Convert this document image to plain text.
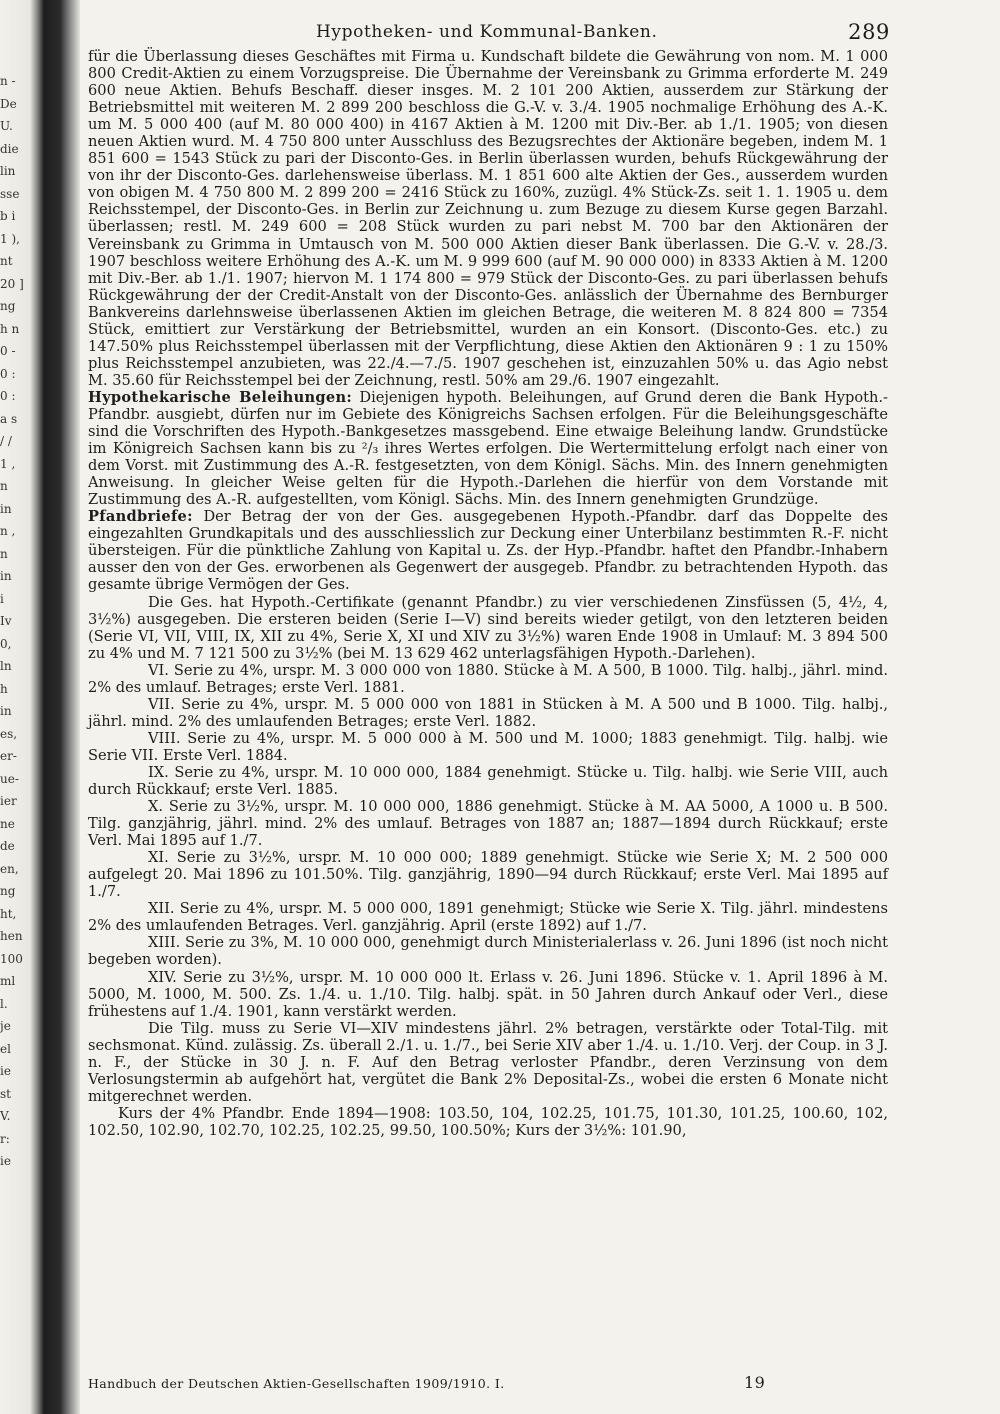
n -
De
U.
die
lin
sse
b i
1 ),
nt
20 ]
ng
h n
0 -
0 :
0 :
a s
/ /
1 ,
n
in
n ,
n
in
i
Iv
0,
ln
h
in
es,
er-
ue-
ier
ne
de
en,
ng
ht,
hen
100
ml
l.
je
el
ie
st
V.
r:
ie
Hypotheken- und Kommunal-Banken.	289

für die Überlassung dieses Geschäftes mit Firma u. Kundschaft bildete die Gewährung von nom. M. 1 000 800 Credit-Aktien zu einem Vorzugspreise. Die Übernahme der Vereinsbank zu Grimma erforderte M. 249 600 neue Aktien. Behufs Beschaff. dieser insges. M. 2 101 200 Aktien, ausserdem zur Stärkung der Betriebsmittel mit weiteren M. 2 899 200 beschloss die G.-V. v. 3./4. 1905 nochmalige Erhöhung des A.-K. um M. 5 000 400 (auf M. 80 000 400) in 4167 Aktien à M. 1200 mit Div.-Ber. ab 1./1. 1905; von diesen neuen Aktien wurd. M. 4 750 800 unter Ausschluss des Bezugsrechtes der Aktionäre begeben, indem M. 1 851 600 = 1543 Stück zu pari der Disconto-Ges. in Berlin überlassen wurden, behufs Rückgewährung der von ihr der Disconto-Ges. darlehensweise überlass. M. 1 851 600 alte Aktien der Ges., ausserdem wurden von obigen M. 4 750 800 M. 2 899 200 = 2416 Stück zu 160%, zuzügl. 4% Stück-Zs. seit 1. 1. 1905 u. dem Reichsstempel, der Disconto-Ges. in Berlin zur Zeichnung u. zum Bezuge zu diesem Kurse gegen Barzahl. überlassen; restl. M. 249 600 = 208 Stück wurden zu pari nebst M. 700 bar den Aktionären der Vereinsbank zu Grimma in Umtausch von M. 500 000 Aktien dieser Bank überlassen. Die G.-V. v. 28./3. 1907 beschloss weitere Erhöhung des A.-K. um M. 9 999 600 (auf M. 90 000 000) in 8333 Aktien à M. 1200 mit Div.-Ber. ab 1./1. 1907; hiervon M. 1 174 800 = 979 Stück der Disconto-Ges. zu pari überlassen behufs Rückgewährung der der Credit-Anstalt von der Disconto-Ges. anlässlich der Übernahme des Bernburger Bankvereins darlehnsweise überlassenen Aktien im gleichen Betrage, die weiteren M. 8 824 800 = 7354 Stück, emittiert zur Verstärkung der Betriebsmittel, wurden an ein Konsort. (Disconto-Ges. etc.) zu 147.50% plus Reichsstempel überlassen mit der Verpflichtung, diese Aktien den Aktionären 9 : 1 zu 150% plus Reichsstempel anzubieten, was 22./4.—7./5. 1907 geschehen ist, einzuzahlen 50% u. das Agio nebst M. 35.60 für Reichsstempel bei der Zeichnung, restl. 50% am 29./6. 1907 eingezahlt.

Hypothekarische Beleihungen: Diejenigen hypoth. Beleihungen, auf Grund deren die Bank Hypoth.-Pfandbr. ausgiebt, dürfen nur im Gebiete des Königreichs Sachsen erfolgen. Für die Beleihungsgeschäfte sind die Vorschriften des Hypoth.-Bankgesetzes massgebend. Eine etwaige Beleihung landw. Grundstücke im Königreich Sachsen kann bis zu ²/₃ ihres Wertes erfolgen. Die Wertermittelung erfolgt nach einer von dem Vorst. mit Zustimmung des A.-R. festgesetzten, von dem Königl. Sächs. Min. des Innern genehmigten Anweisung. In gleicher Weise gelten für die Hypoth.-Darlehen die hierfür von dem Vorstande mit Zustimmung des A.-R. aufgestellten, vom Königl. Sächs. Min. des Innern genehmigten Grundzüge.

Pfandbriefe: Der Betrag der von der Ges. ausgegebenen Hypoth.-Pfandbr. darf das Doppelte des eingezahlten Grundkapitals und des ausschliesslich zur Deckung einer Unterbilanz bestimmten R.-F. nicht übersteigen. Für die pünktliche Zahlung von Kapital u. Zs. der Hyp.-Pfandbr. haftet den Pfandbr.-Inhabern ausser den von der Ges. erworbenen als Gegenwert der ausgegeb. Pfandbr. zu betrachtenden Hypoth. das gesamte übrige Vermögen der Ges.

Die Ges. hat Hypoth.-Certifikate (genannt Pfandbr.) zu vier verschiedenen Zinsfüssen (5, 4½, 4, 3½%) ausgegeben. Die ersteren beiden (Serie I—V) sind bereits wieder getilgt, von den letzteren beiden (Serie VI, VII, VIII, IX, XII zu 4%, Serie X, XI und XIV zu 3½%) waren Ende 1908 in Umlauf: M. 3 894 500 zu 4% und M. 7 121 500 zu 3½% (bei M. 13 629 462 unterlagsfähigen Hypoth.-Darlehen).

VI. Serie zu 4%, urspr. M. 3 000 000 von 1880. Stücke à M. A 500, B 1000. Tilg. halbj., jährl. mind. 2% des umlauf. Betrages; erste Verl. 1881.

VII. Serie zu 4%, urspr. M. 5 000 000 von 1881 in Stücken à M. A 500 und B 1000. Tilg. halbj., jährl. mind. 2% des umlaufenden Betrages; erste Verl. 1882.

VIII. Serie zu 4%, urspr. M. 5 000 000 à M. 500 und M. 1000; 1883 genehmigt. Tilg. halbj. wie Serie VII. Erste Verl. 1884.

IX. Serie zu 4%, urspr. M. 10 000 000, 1884 genehmigt. Stücke u. Tilg. halbj. wie Serie VIII, auch durch Rückkauf; erste Verl. 1885.

X. Serie zu 3½%, urspr. M. 10 000 000, 1886 genehmigt. Stücke à M. AA 5000, A 1000 u. B 500. Tilg. ganzjährig, jährl. mind. 2% des umlauf. Betrages von 1887 an; 1887—1894 durch Rückkauf; erste Verl. Mai 1895 auf 1./7.

XI. Serie zu 3½%, urspr. M. 10 000 000; 1889 genehmigt. Stücke wie Serie X; M. 2 500 000 aufgelegt 20. Mai 1896 zu 101.50%. Tilg. ganzjährig, 1890—94 durch Rückkauf; erste Verl. Mai 1895 auf 1./7.

XII. Serie zu 4%, urspr. M. 5 000 000, 1891 genehmigt; Stücke wie Serie X. Tilg. jährl. mindestens 2% des umlaufenden Betrages. Verl. ganzjährig. April (erste 1892) auf 1./7.

XIII. Serie zu 3%, M. 10 000 000, genehmigt durch Ministerialerlass v. 26. Juni 1896 (ist noch nicht begeben worden).

XIV. Serie zu 3½%, urspr. M. 10 000 000 lt. Erlass v. 26. Juni 1896. Stücke v. 1. April 1896 à M. 5000, M. 1000, M. 500. Zs. 1./4. u. 1./10. Tilg. halbj. spät. in 50 Jahren durch Ankauf oder Verl., diese frühestens auf 1./4. 1901, kann verstärkt werden.

Die Tilg. muss zu Serie VI—XIV mindestens jährl. 2% betragen, verstärkte oder Total-Tilg. mit sechsmonat. Künd. zulässig. Zs. überall 2./1. u. 1./7., bei Serie XIV aber 1./4. u. 1./10. Verj. der Coup. in 3 J. n. F., der Stücke in 30 J. n. F. Auf den Betrag verloster Pfandbr., deren Verzinsung von dem Verlosungstermin ab aufgehört hat, vergütet die Bank 2% Deposital-Zs., wobei die ersten 6 Monate nicht mitgerechnet werden.

Kurs der 4% Pfandbr. Ende 1894—1908: 103.50, 104, 102.25, 101.75, 101.30, 101.25, 100.60, 102, 102.50, 102.90, 102.70, 102.25, 102.25, 99.50, 100.50%; Kurs der 3½%: 101.90,

Handbuch der Deutschen Aktien-Gesellschaften 1909/1910. I.	19
